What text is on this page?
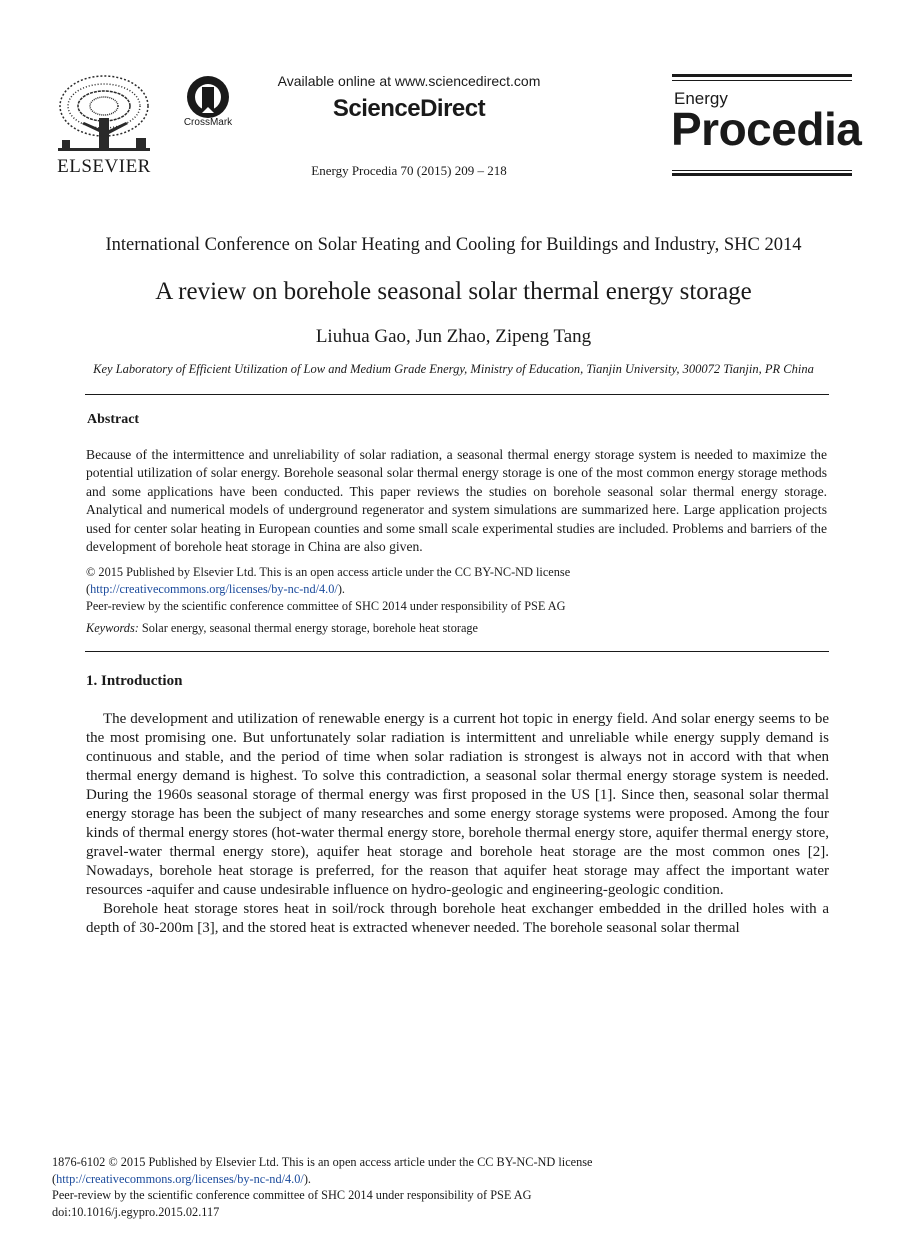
ELSEVIER
CrossMark
Available online at www.sciencedirect.com
ScienceDirect
Energy Procedia 70 (2015) 209 – 218
Energy
Procedia
International Conference on Solar Heating and Cooling for Buildings and Industry, SHC 2014
A review on borehole seasonal solar thermal energy storage
Liuhua Gao, Jun Zhao, Zipeng Tang
Key Laboratory of Efficient Utilization of Low and Medium Grade Energy, Ministry of Education, Tianjin University, 300072 Tianjin, PR China
Abstract
Because of the intermittence and unreliability of solar radiation, a seasonal thermal energy storage system is needed to maximize the potential utilization of solar energy. Borehole seasonal solar thermal energy storage is one of the most common energy storage methods and some applications have been conducted. This paper reviews the studies on borehole seasonal solar thermal energy storage. Analytical and numerical models of underground regenerator and system simulations are summarized here. Large application projects used for center solar heating in European counties and some small scale experimental studies are included. Problems and barriers of the development of borehole heat storage in China are also given.
© 2015 Published by Elsevier Ltd. This is an open access article under the CC BY-NC-ND license
(http://creativecommons.org/licenses/by-nc-nd/4.0/).
Peer-review by the scientific conference committee of SHC 2014 under responsibility of PSE AG
Keywords: Solar energy, seasonal thermal energy storage, borehole heat storage
1. Introduction

The development and utilization of renewable energy is a current hot topic in energy field. And solar energy seems to be the most promising one. But unfortunately solar radiation is intermittent and unreliable while energy supply demand is continuous and stable, and the period of time when solar radiation is strongest is always not in accord with that when thermal energy demand is highest. To solve this contradiction, a seasonal solar thermal energy storage system is needed. During the 1960s seasonal storage of thermal energy was first proposed in the US [1]. Since then, seasonal solar thermal energy storage has been the subject of many researches and some energy storage systems were proposed. Among the four kinds of thermal energy stores (hot-water thermal energy store, borehole thermal energy store, aquifer thermal energy store, gravel-water thermal energy store), aquifer heat storage and borehole heat storage are the most common ones [2]. Nowadays, borehole heat storage is preferred, for the reason that aquifer heat storage may affect the important water resources -aquifer and cause undesirable influence on hydro-geologic and engineering-geologic condition.

Borehole heat storage stores heat in soil/rock through borehole heat exchanger embedded in the drilled holes with a depth of 30-200m [3], and the stored heat is extracted whenever needed. The borehole seasonal solar thermal

1876-6102 © 2015 Published by Elsevier Ltd. This is an open access article under the CC BY-NC-ND license
(http://creativecommons.org/licenses/by-nc-nd/4.0/).
Peer-review by the scientific conference committee of SHC 2014 under responsibility of PSE AG
doi:10.1016/j.egypro.2015.02.117
